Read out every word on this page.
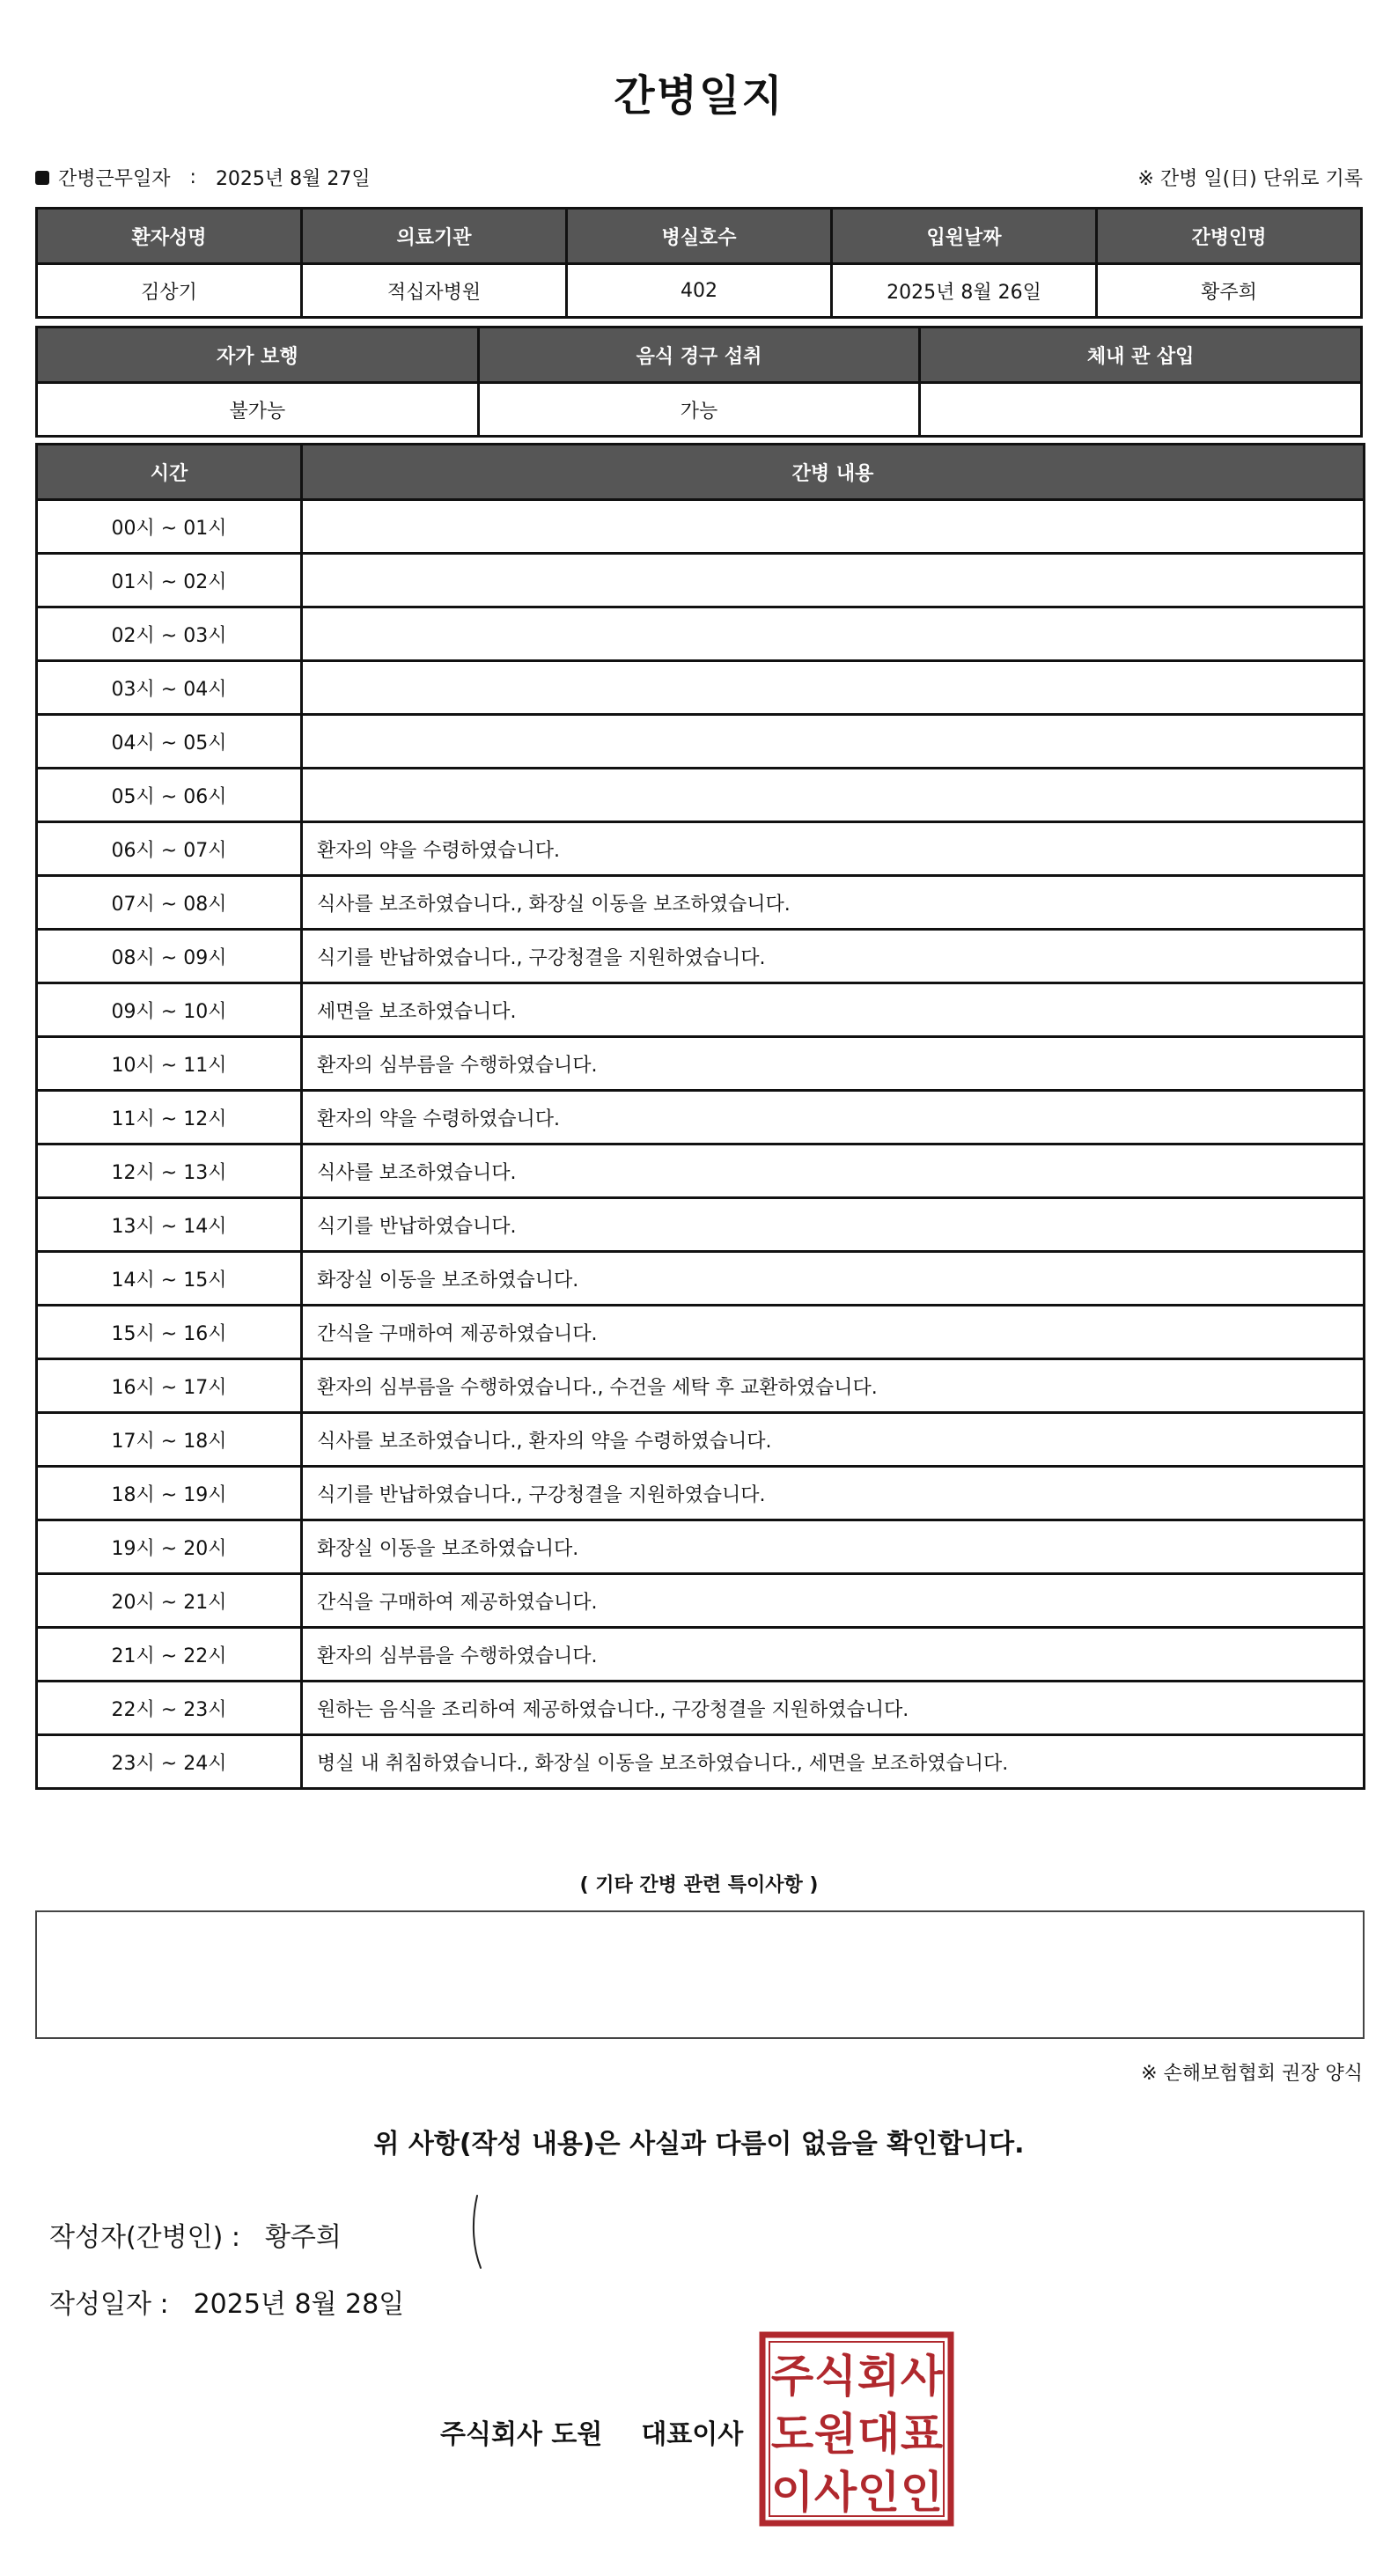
간병일지
간병근무일자 : 2025년 8월 27일	※ 간병 일(日) 단위로 기록
환자성명	의료기관	병실호수	입원날짜	간병인명
김상기	적십자병원	402	2025년 8월 26일	황주희
자가 보행	음식 경구 섭취	체내 관 삽입
불가능	가능	
시간	간병 내용
00시 ~ 01시	
01시 ~ 02시	
02시 ~ 03시	
03시 ~ 04시	
04시 ~ 05시	
05시 ~ 06시	
06시 ~ 07시	환자의 약을 수령하였습니다.
07시 ~ 08시	식사를 보조하였습니다., 화장실 이동을 보조하였습니다.
08시 ~ 09시	식기를 반납하였습니다., 구강청결을 지원하였습니다.
09시 ~ 10시	세면을 보조하였습니다.
10시 ~ 11시	환자의 심부름을 수행하였습니다.
11시 ~ 12시	환자의 약을 수령하였습니다.
12시 ~ 13시	식사를 보조하였습니다.
13시 ~ 14시	식기를 반납하였습니다.
14시 ~ 15시	화장실 이동을 보조하였습니다.
15시 ~ 16시	간식을 구매하여 제공하였습니다.
16시 ~ 17시	환자의 심부름을 수행하였습니다., 수건을 세탁 후 교환하였습니다.
17시 ~ 18시	식사를 보조하였습니다., 환자의 약을 수령하였습니다.
18시 ~ 19시	식기를 반납하였습니다., 구강청결을 지원하였습니다.
19시 ~ 20시	화장실 이동을 보조하였습니다.
20시 ~ 21시	간식을 구매하여 제공하였습니다.
21시 ~ 22시	환자의 심부름을 수행하였습니다.
22시 ~ 23시	원하는 음식을 조리하여 제공하였습니다., 구강청결을 지원하였습니다.
23시 ~ 24시	병실 내 취침하였습니다., 화장실 이동을 보조하였습니다., 세면을 보조하였습니다.
( 기타 간병 관련 특이사항 )
※ 손해보험협회 권장 양식
위 사항(작성 내용)은 사실과 다름이 없음을 확인합니다.
작성자(간병인) : 황주희
작성일자 : 2025년 8월 28일
주식회사 도원 대표이사
주 식 회 사
도 원 대 표
이 사 인 인
